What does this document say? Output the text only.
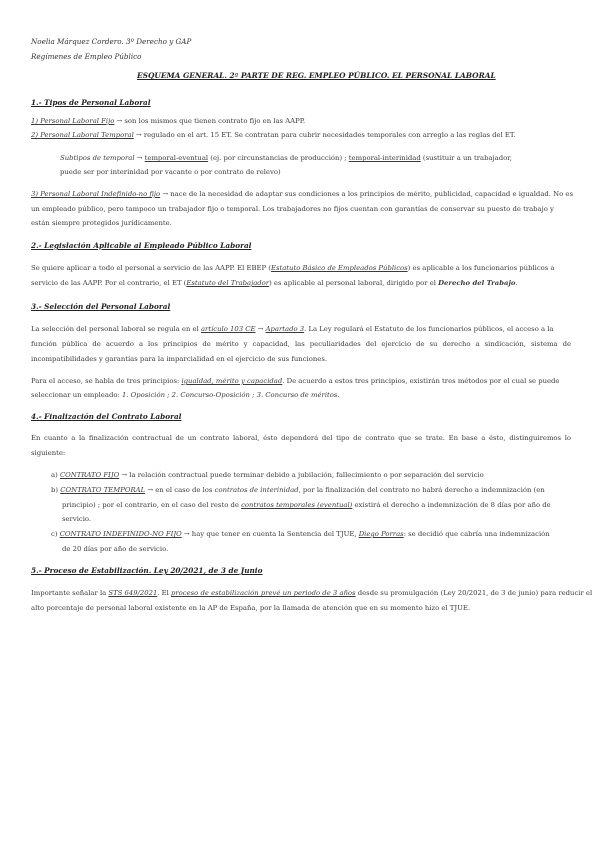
Noelia Márquez Cordero. 3º Derecho y GAP
Regímenes de Empleo Público
ESQUEMA GENERAL. 2ª PARTE DE REG. EMPLEO PÚBLICO. EL PERSONAL LABORAL
1.- Tipos de Personal Laboral
1) Personal Laboral Fijo → son los mismos que tienen contrato fijo en las AAPP.
2) Personal Laboral Temporal → regulado en el art. 15 ET. Se contratan para cubrir necesidades temporales con arreglo a las reglas del ET.
Subtipos de temporal → temporal-eventual (ej. por circunstancias de producción) ; temporal-interinidad (sustituir a un trabajador,
puede ser por interinidad por vacante o por contrato de relevo)
3) Personal Laboral Indefinido-no fijo → nace de la necesidad de adaptar sus condiciones a los principios de mérito, publicidad, capacidad e igualdad. No es
un empleado público, pero tampoco un trabajador fijo o temporal. Los trabajadores no fijos cuentan con garantías de conservar su puesto de trabajo y
están siempre protegidos jurídicamente.
2.- Legislación Aplicable al Empleado Público Laboral
Se quiere aplicar a todo el personal a servicio de las AAPP. El EBEP (Estatuto Básico de Empleados Públicos) es aplicable a los funcionarios públicos a
servicio de las AAPP. Por el contrario, el ET (Estatuto del Trabajador) es aplicable al personal laboral, dirigido por el Derecho del Trabajo.
3.- Selección del Personal Laboral
La selección del personal laboral se regula en el artículo 103 CE → Apartado 3. La Ley regulará el Estatuto de los funcionarios públicos, el acceso a la
función pública de acuerdo a los principios de mérito y capacidad, las peculiaridades del ejercicio de su derecho a sindicación, sistema de
incompatibilidades y garantías para la imparcialidad en el ejercicio de sus funciones.
Para el acceso, se habla de tres principios: igualdad, mérito y capacidad. De acuerdo a estos tres principios, existirán tres métodos por el cual se puede
seleccionar un empleado: 1. Oposición ; 2. Concurso-Oposición ; 3. Concurso de méritos.
4.- Finalización del Contrato Laboral
En cuanto a la finalización contractual de un contrato laboral, ésto dependerá del tipo de contrato que se trate. En base a ésto, distinguiremos lo
siguiente:
a) CONTRATO FIJO → la relación contractual puede terminar debido a jubilación, fallecimiento o por separación del servicio
b) CONTRATO TEMPORAL → en el caso de los contratos de interinidad, por la finalización del contrato no habrá derecho a indemnización (en
principio) ; por el contrario, en el caso del resto de contratos temporales (eventual) existirá el derecho a indemnización de 8 días por año de
servicio.
c) CONTRATO INDEFINIDO-NO FIJO → hay que tener en cuenta la Sentencia del TJUE, Diego Porras: se decidió que cabría una indemnización
de 20 días por año de servicio.
5.- Proceso de Estabilización. Ley 20/2021, de 3 de Junio
Importante señalar la STS 649/2021. El proceso de estabilización prevé un periodo de 3 años desde su promulgación (Ley 20/2021, de 3 de junio) para reducir el
alto porcentaje de personal laboral existente en la AP de España, por la llamada de atención que en su momento hizo el TJUE.
